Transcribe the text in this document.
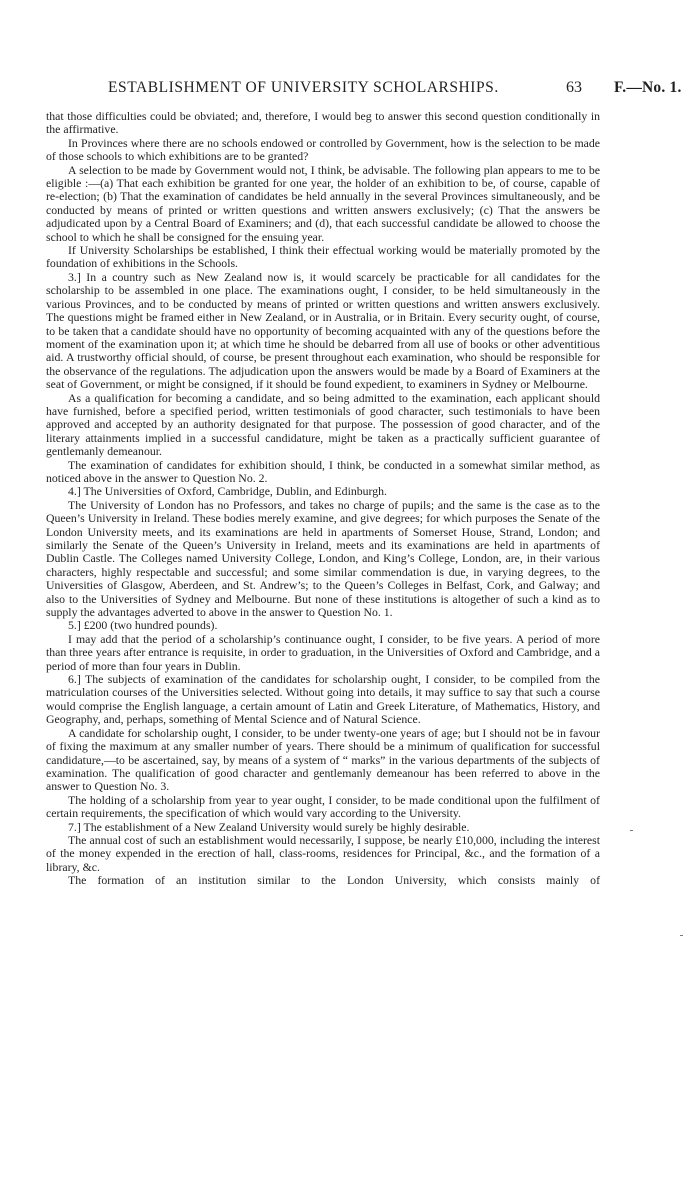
ESTABLISHMENT OF UNIVERSITY SCHOLARSHIPS.	63 F.—No. 1.

that those difficulties could be obviated; and, therefore, I would beg to answer this second question conditionally in the affirmative.

In Provinces where there are no schools endowed or controlled by Government, how is the selection to be made of those schools to which exhibitions are to be granted?

A selection to be made by Government would not, I think, be advisable. The following plan appears to me to be eligible :—(a) That each exhibition be granted for one year, the holder of an exhibition to be, of course, capable of re-election; (b) That the examination of candidates be held annually in the several Provinces simultaneously, and be conducted by means of printed or written questions and written answers exclusively; (c) That the answers be adjudicated upon by a Central Board of Examiners; and (d), that each successful candidate be allowed to choose the school to which he shall be consigned for the ensuing year.

If University Scholarships be established, I think their effectual working would be materially promoted by the foundation of exhibitions in the Schools.

3.] In a country such as New Zealand now is, it would scarcely be practicable for all candidates for the scholarship to be assembled in one place. The examinations ought, I consider, to be held simultaneously in the various Provinces, and to be conducted by means of printed or written questions and written answers exclusively. The questions might be framed either in New Zealand, or in Australia, or in Britain. Every security ought, of course, to be taken that a candidate should have no opportunity of becoming acquainted with any of the questions before the moment of the examination upon it; at which time he should be debarred from all use of books or other adventitious aid. A trustworthy official should, of course, be present throughout each examination, who should be responsible for the observance of the regulations. The adjudication upon the answers would be made by a Board of Examiners at the seat of Government, or might be consigned, if it should be found expedient, to examiners in Sydney or Melbourne.

As a qualification for becoming a candidate, and so being admitted to the examination, each applicant should have furnished, before a specified period, written testimonials of good character, such testimonials to have been approved and accepted by an authority designated for that purpose. The possession of good character, and of the literary attainments implied in a successful candidature, might be taken as a practically sufficient guarantee of gentlemanly demeanour.

The examination of candidates for exhibition should, I think, be conducted in a somewhat similar method, as noticed above in the answer to Question No. 2.

4.] The Universities of Oxford, Cambridge, Dublin, and Edinburgh.

The University of London has no Professors, and takes no charge of pupils; and the same is the case as to the Queen’s University in Ireland. These bodies merely examine, and give degrees; for which purposes the Senate of the London University meets, and its examinations are held in apartments of Somerset House, Strand, London; and similarly the Senate of the Queen’s University in Ireland, meets and its examinations are held in apartments of Dublin Castle. The Colleges named University College, London, and King’s College, London, are, in their various characters, highly respectable and successful; and some similar commendation is due, in varying degrees, to the Universities of Glasgow, Aberdeen, and St. Andrew’s; to the Queen’s Colleges in Belfast, Cork, and Galway; and also to the Universities of Sydney and Melbourne. But none of these institutions is altogether of such a kind as to supply the advantages adverted to above in the answer to Question No. 1.

5.] £200 (two hundred pounds).

I may add that the period of a scholarship’s continuance ought, I consider, to be five years. A period of more than three years after entrance is requisite, in order to graduation, in the Universities of Oxford and Cambridge, and a period of more than four years in Dublin.

6.] The subjects of examination of the candidates for scholarship ought, I consider, to be compiled from the matriculation courses of the Universities selected. Without going into details, it may suffice to say that such a course would comprise the English language, a certain amount of Latin and Greek Literature, of Mathematics, History, and Geography, and, perhaps, something of Mental Science and of Natural Science.

A candidate for scholarship ought, I consider, to be under twenty-one years of age; but I should not be in favour of fixing the maximum at any smaller number of years. There should be a minimum of qualification for successful candidature,—to be ascertained, say, by means of a system of “ marks” in the various departments of the subjects of examination. The qualification of good character and gentlemanly demeanour has been referred to above in the answer to Question No. 3.

The holding of a scholarship from year to year ought, I consider, to be made conditional upon the fulfilment of certain requirements, the specification of which would vary according to the University.

7.] The establishment of a New Zealand University would surely be highly desirable.

The annual cost of such an establishment would necessarily, I suppose, be nearly £10,000, including the interest of the money expended in the erection of hall, class-rooms, residences for Principal, &c., and the formation of a library, &c.

The formation of an institution similar to the London University, which consists mainly of
